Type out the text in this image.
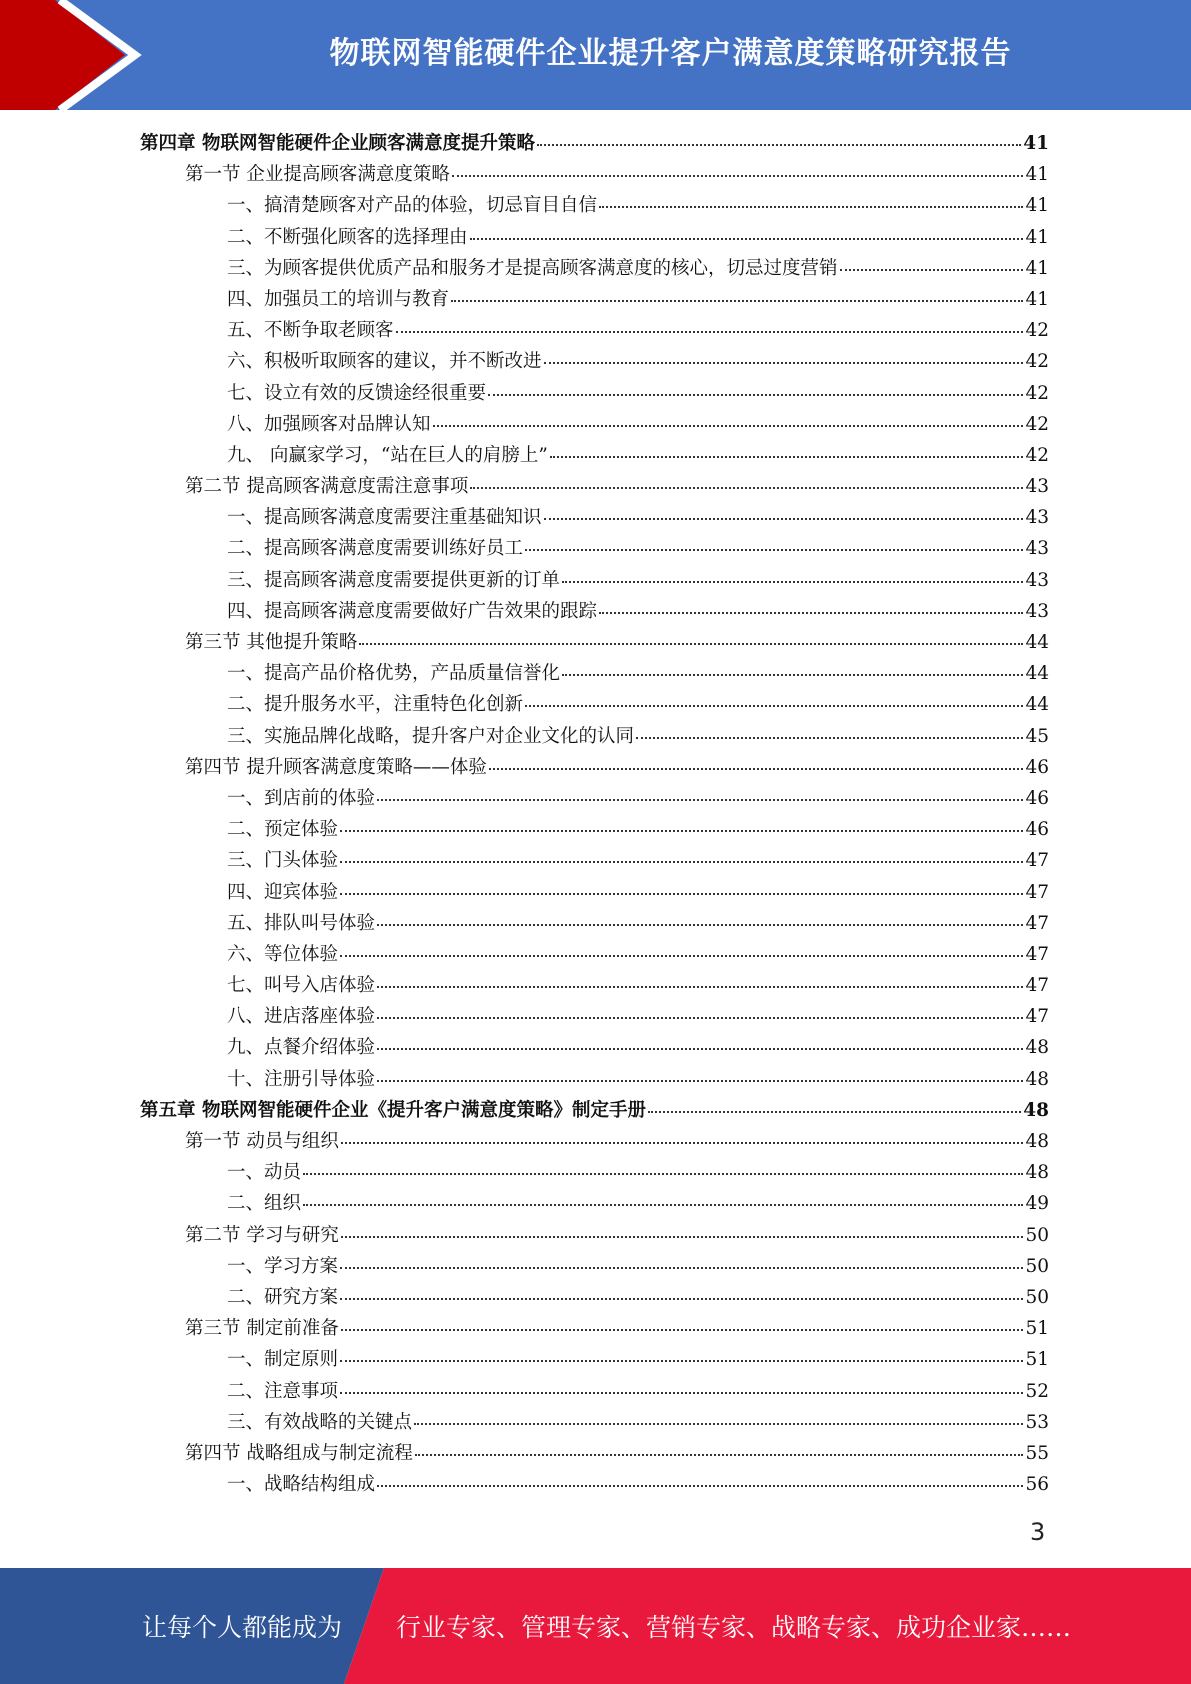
物联网智能硬件企业提升客户满意度策略研究报告
第四章 物联网智能硬件企业顾客满意度提升策略	41
第一节 企业提高顾客满意度策略	41
一、搞清楚顾客对产品的体验，切忌盲目自信	41
二、不断强化顾客的选择理由	41
三、为顾客提供优质产品和服务才是提高顾客满意度的核心，切忌过度营销	41
四、加强员工的培训与教育	41
五、不断争取老顾客	42
六、积极听取顾客的建议，并不断改进	42
七、设立有效的反馈途经很重要	42
八、加强顾客对品牌认知	42
九、 向赢家学习，“站在巨人的肩膀上”	42
第二节 提高顾客满意度需注意事项	43
一、提高顾客满意度需要注重基础知识	43
二、提高顾客满意度需要训练好员工	43
三、提高顾客满意度需要提供更新的订单	43
四、提高顾客满意度需要做好广告效果的跟踪	43
第三节 其他提升策略	44
一、提高产品价格优势，产品质量信誉化	44
二、提升服务水平，注重特色化创新	44
三、实施品牌化战略，提升客户对企业文化的认同	45
第四节 提升顾客满意度策略——体验	46
一、到店前的体验	46
二、预定体验	46
三、门头体验	47
四、迎宾体验	47
五、排队叫号体验	47
六、等位体验	47
七、叫号入店体验	47
八、进店落座体验	47
九、点餐介绍体验	48
十、注册引导体验	48
第五章 物联网智能硬件企业《提升客户满意度策略》制定手册	48
第一节 动员与组织	48
一、动员	48
二、组织	49
第二节 学习与研究	50
一、学习方案	50
二、研究方案	50
第三节 制定前准备	51
一、制定原则	51
二、注意事项	52
三、有效战略的关键点	53
第四节 战略组成与制定流程	55
一、战略结构组成	56
3
让每个人都能成为 行业专家、管理专家、营销专家、战略专家、成功企业家……
